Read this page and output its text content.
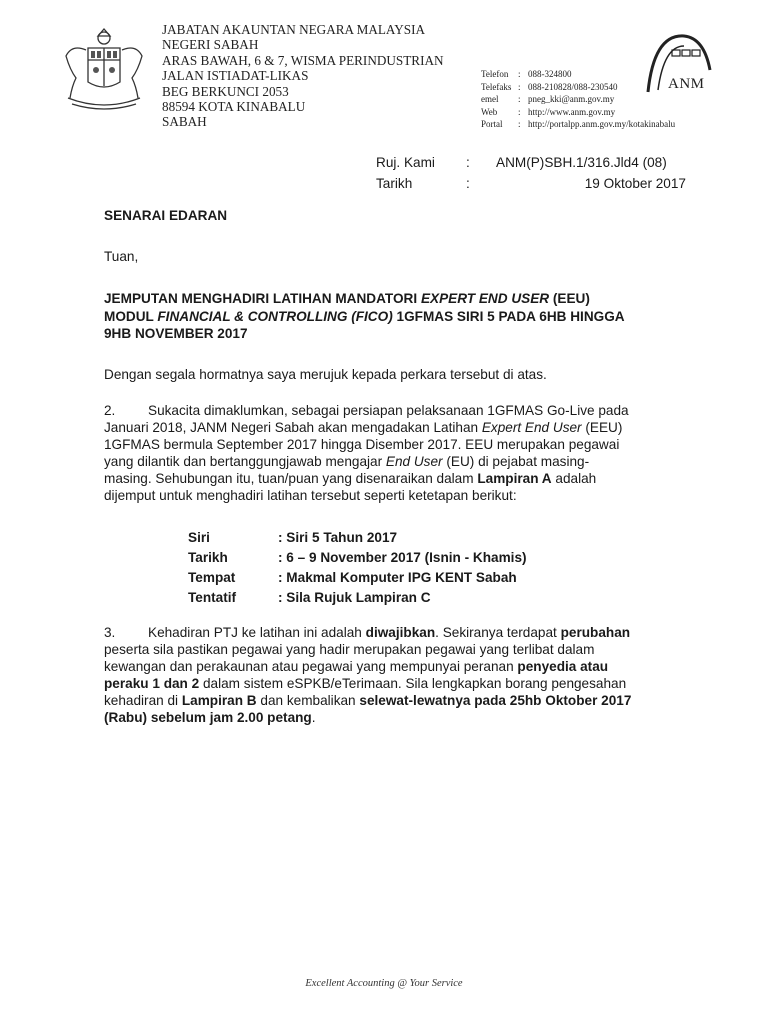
JABATAN AKAUNTAN NEGARA MALAYSIA
NEGERI SABAH
ARAS BAWAH, 6 & 7, WISMA PERINDUSTRIAN
JALAN ISTIADAT-LIKAS
BEG BERKUNCI 2053
88594 KOTA KINABALU
SABAH
Telefon	: 088-324800
Telefaks : 088-210828/088-230540
emel	: pneg_kki@anm.gov.my
Web	: http://www.anm.gov.my
Portal	: http://portalpp.anm.gov.my/kotakinabalu
ANM
Ruj. Kami	:	ANM(P)SBH.1/316.Jld4 (08)
Tarikh	:	19 Oktober 2017
SENARAI EDARAN
Tuan,
JEMPUTAN MENGHADIRI LATIHAN MANDATORI EXPERT END USER (EEU)
MODUL FINANCIAL & CONTROLLING (FICO) 1GFMAS SIRI 5 PADA 6HB HINGGA
9HB NOVEMBER 2017
Dengan segala hormatnya saya merujuk kepada perkara tersebut di atas.
2. Sukacita dimaklumkan, sebagai persiapan pelaksanaan 1GFMAS Go-Live pada
Januari 2018, JANM Negeri Sabah akan mengadakan Latihan Expert End User (EEU)
1GFMAS bermula September 2017 hingga Disember 2017. EEU merupakan pegawai
yang dilantik dan bertanggungjawab mengajar End User (EU) di pejabat masing-
masing. Sehubungan itu, tuan/puan yang disenaraikan dalam Lampiran A adalah
dijemput untuk menghadiri latihan tersebut seperti ketetapan berikut:
Siri	: Siri 5 Tahun 2017
Tarikh	: 6 – 9 November 2017 (Isnin - Khamis)
Tempat	: Makmal Komputer IPG KENT Sabah
Tentatif	: Sila Rujuk Lampiran C
3. Kehadiran PTJ ke latihan ini adalah diwajibkan. Sekiranya terdapat perubahan
peserta sila pastikan pegawai yang hadir merupakan pegawai yang terlibat dalam
kewangan dan perakaunan atau pegawai yang mempunyai peranan penyedia atau
peraku 1 dan 2 dalam sistem eSPKB/eTerimaan. Sila lengkapkan borang pengesahan
kehadiran di Lampiran B dan kembalikan selewat-lewatnya pada 25hb Oktober 2017
(Rabu) sebelum jam 2.00 petang.
Excellent Accounting @ Your Service
